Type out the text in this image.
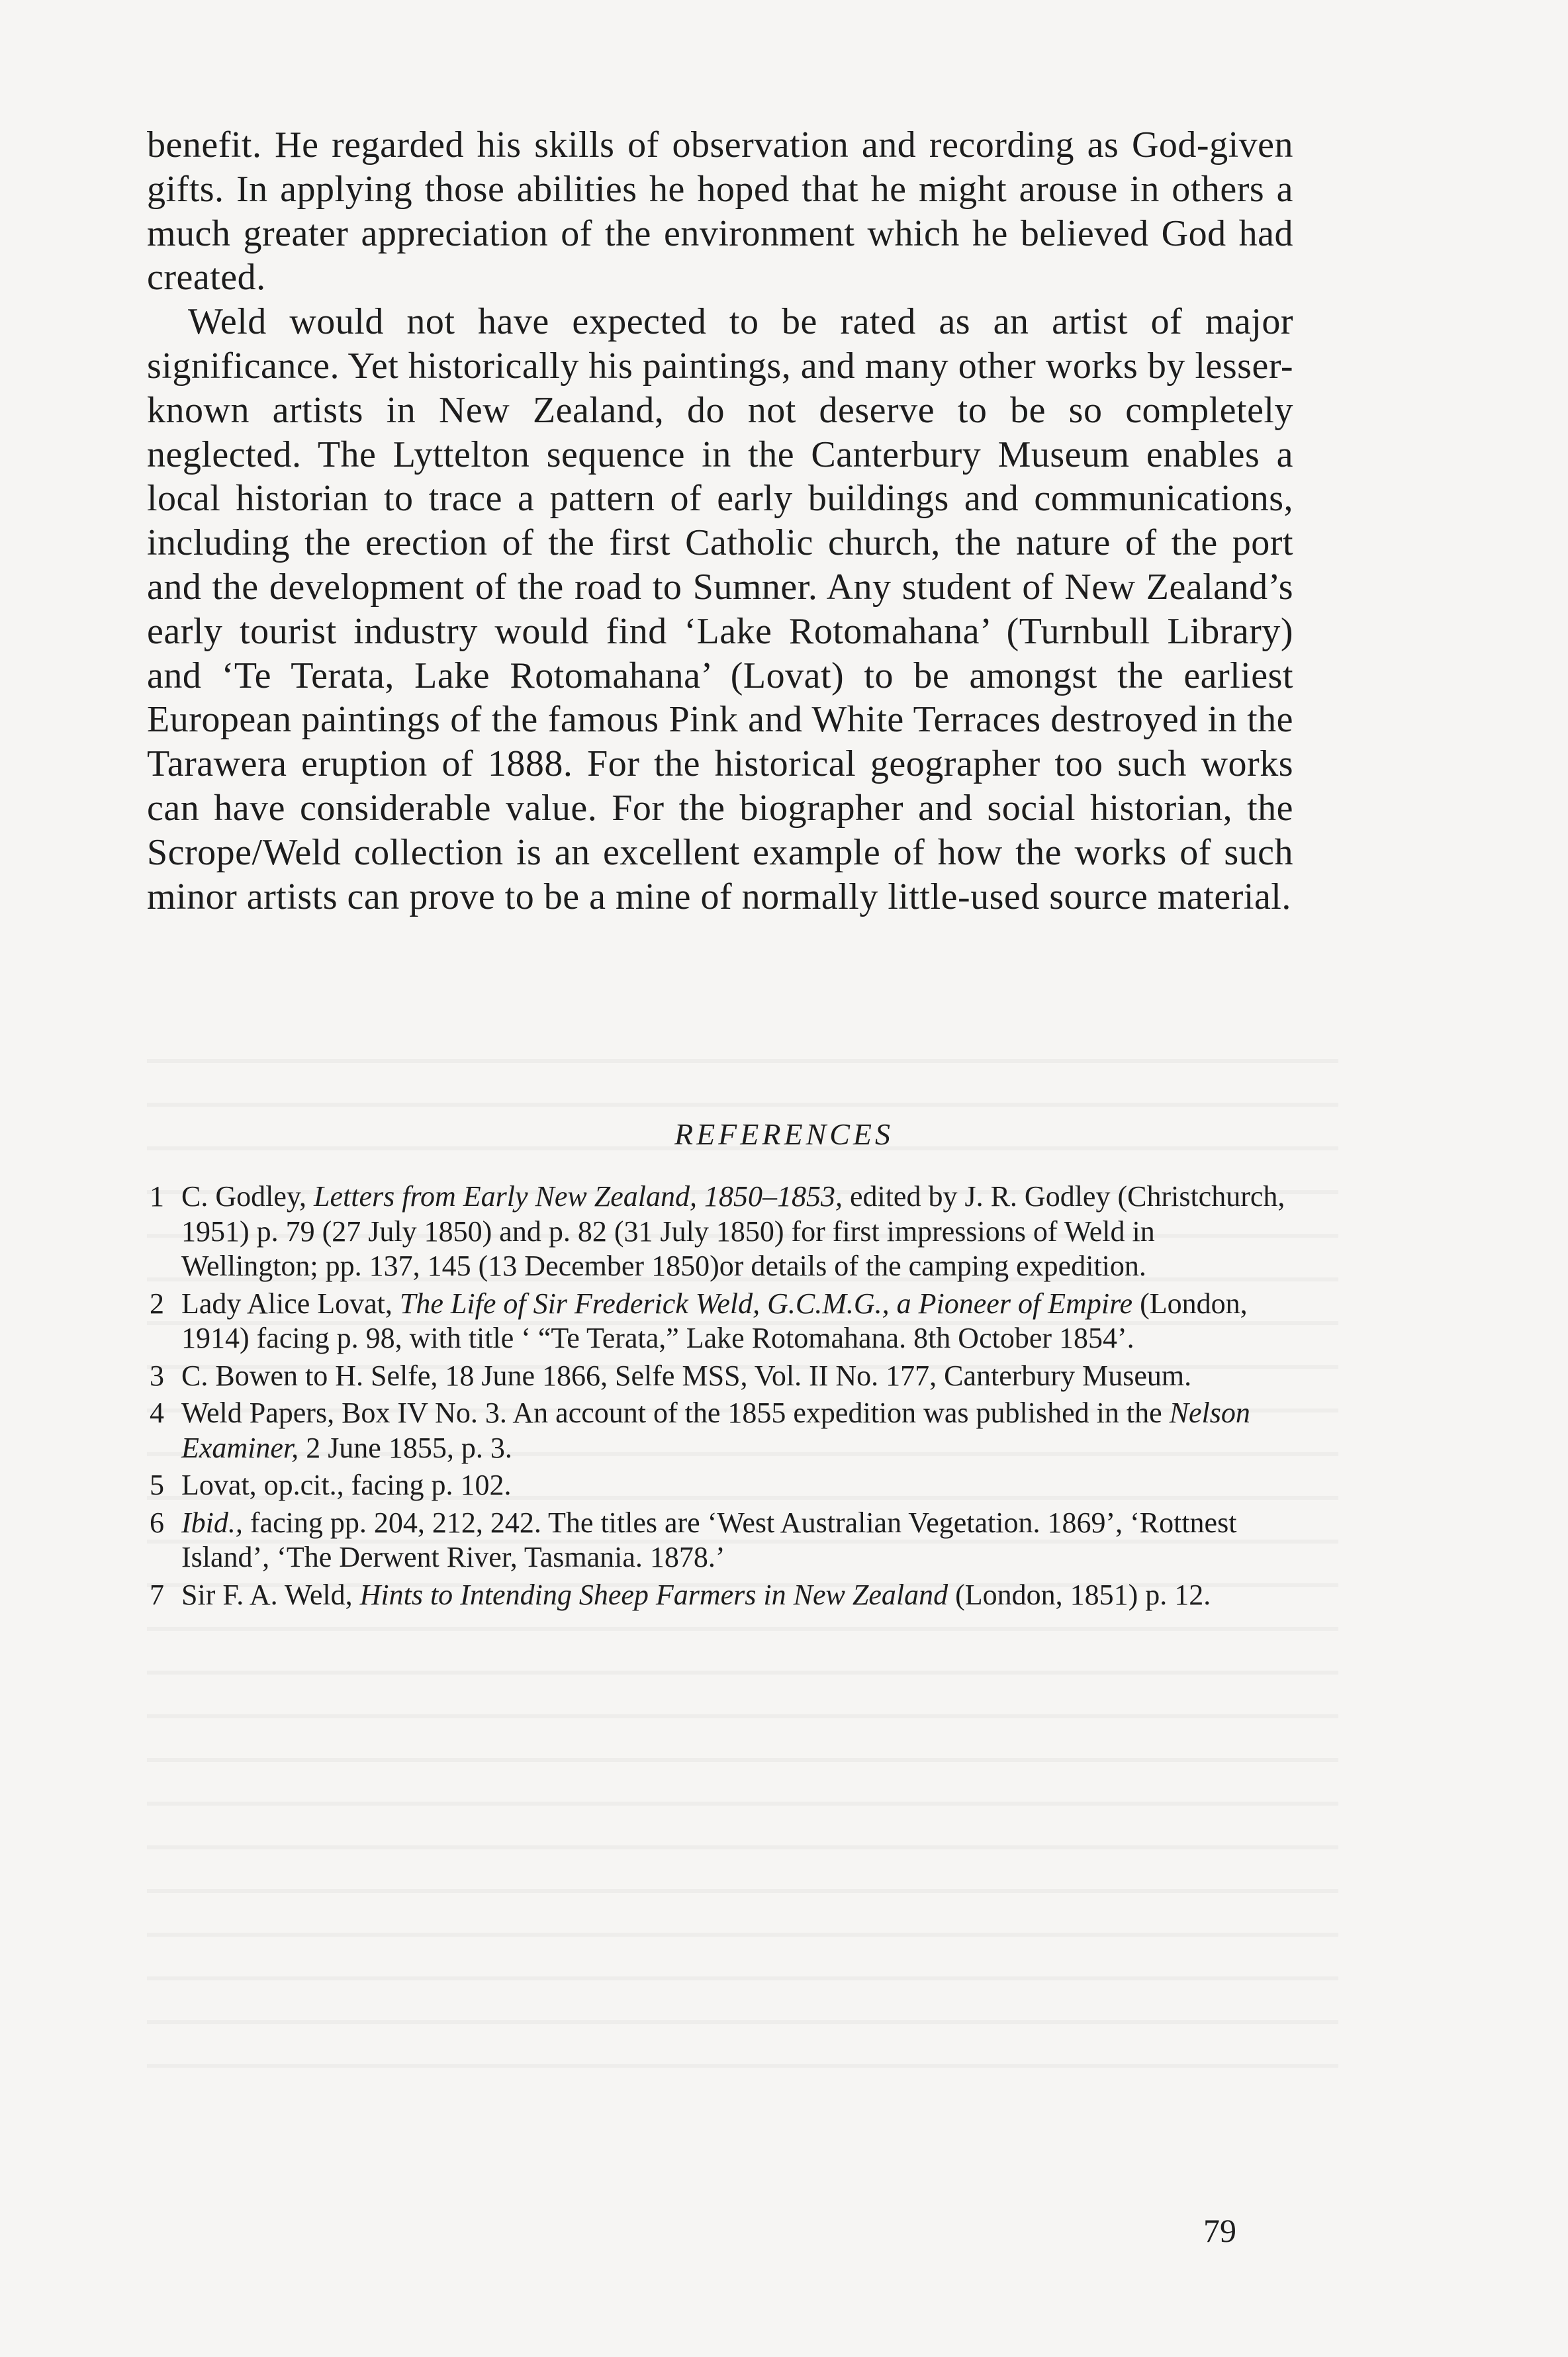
benefit. He regarded his skills of observation and recording as God-given gifts. In applying those abilities he hoped that he might arouse in others a much greater appreciation of the environment which he believed God had created.

Weld would not have expected to be rated as an artist of major significance. Yet historically his paintings, and many other works by lesser-known artists in New Zealand, do not deserve to be so completely neglected. The Lyttelton sequence in the Canterbury Museum enables a local historian to trace a pattern of early buildings and communications, including the erection of the first Catholic church, the nature of the port and the development of the road to Sumner. Any student of New Zealand’s early tourist industry would find ‘Lake Rotomahana’ (Turnbull Library) and ‘Te Terata, Lake Rotomahana’ (Lovat) to be amongst the earliest European paintings of the famous Pink and White Terraces destroyed in the Tarawera eruption of 1888. For the historical geographer too such works can have considerable value. For the biographer and social historian, the Scrope/Weld collection is an excellent example of how the works of such minor artists can prove to be a mine of normally little-used source material.

REFERENCES
1 C. Godley, Letters from Early New Zealand, 1850–1853, edited by J. R. Godley (Christchurch, 1951) p. 79 (27 July 1850) and p. 82 (31 July 1850) for first impressions of Weld in Wellington; pp. 137, 145 (13 December 1850)or details of the camping expedition.
2 Lady Alice Lovat, The Life of Sir Frederick Weld, G.C.M.G., a Pioneer of Empire (London, 1914) facing p. 98, with title ‘ “Te Terata,” Lake Rotomahana. 8th October 1854’.
3 C. Bowen to H. Selfe, 18 June 1866, Selfe MSS, Vol. II No. 177, Canterbury Museum.
4 Weld Papers, Box IV No. 3. An account of the 1855 expedition was published in the Nelson Examiner, 2 June 1855, p. 3.
5 Lovat, op.cit., facing p. 102.
6 Ibid., facing pp. 204, 212, 242. The titles are ‘West Australian Vegetation. 1869’, ‘Rottnest Island’, ‘The Derwent River, Tasmania. 1878.’
7 Sir F. A. Weld, Hints to Intending Sheep Farmers in New Zealand (London, 1851) p. 12.
79
